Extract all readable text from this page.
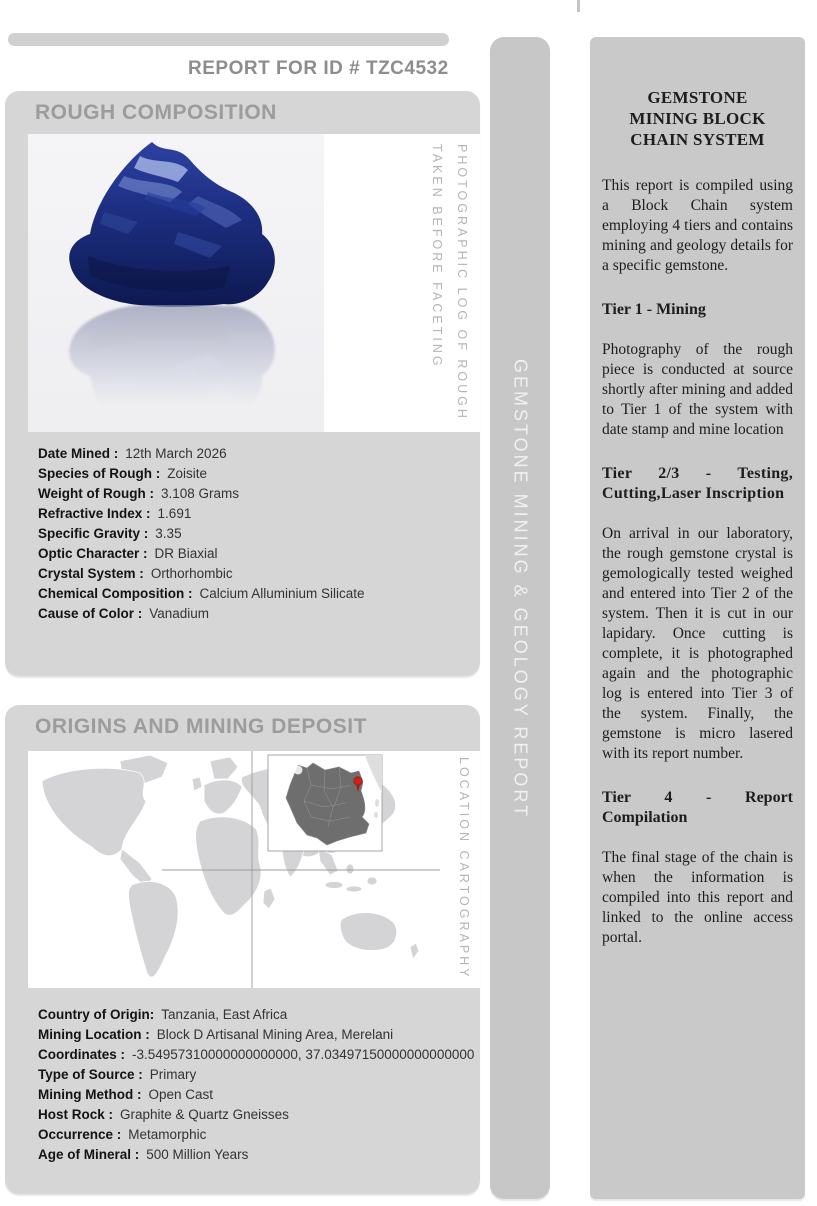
REPORT FOR ID # TZC4532
ROUGH COMPOSITION
PHOTOGRAPHIC LOG OF ROUGH
TAKEN BEFORE FACETING
Date Mined : 12th March 2026
Species of Rough : Zoisite
Weight of Rough : 3.108 Grams
Refractive Index : 1.691
Specific Gravity : 3.35
Optic Character : DR Biaxial
Crystal System : Orthorhombic
Chemical Composition : Calcium Alluminium Silicate
Cause of Color : Vanadium
ORIGINS AND MINING DEPOSIT
LOCATION CARTOGRAPHY
Country of Origin: Tanzania, East Africa
Mining Location : Block D Artisanal Mining Area, Merelani
Coordinates : -3.54957310000000000000, 37.03497150000000000000
Type of Source : Primary
Mining Method : Open Cast
Host Rock : Graphite & Quartz Gneisses
Occurrence : Metamorphic
Age of Mineral : 500 Million Years
GEMSTONE MINING & GEOLOGY REPORT
GEMSTONE MINING BLOCK CHAIN SYSTEM
This report is compiled using a Block Chain system employing 4 tiers and contains mining and geology details for a specific gemstone.
Tier 1 - Mining
Photography of the rough piece is conducted at source shortly after mining and added to Tier 1 of the system with date stamp and mine location
Tier 2/3 - Testing, Cutting,Laser Inscription
On arrival in our laboratory, the rough gemstone crystal is gemologically tested weighed and entered into Tier 2 of the system. Then it is cut in our lapidary. Once cutting is complete, it is photographed again and the photographic log is entered into Tier 3 of the system. Finally, the gemstone is micro lasered with its report number.
Tier 4 - Report Compilation
The final stage of the chain is when the information is compiled into this report and linked to the online access portal.
